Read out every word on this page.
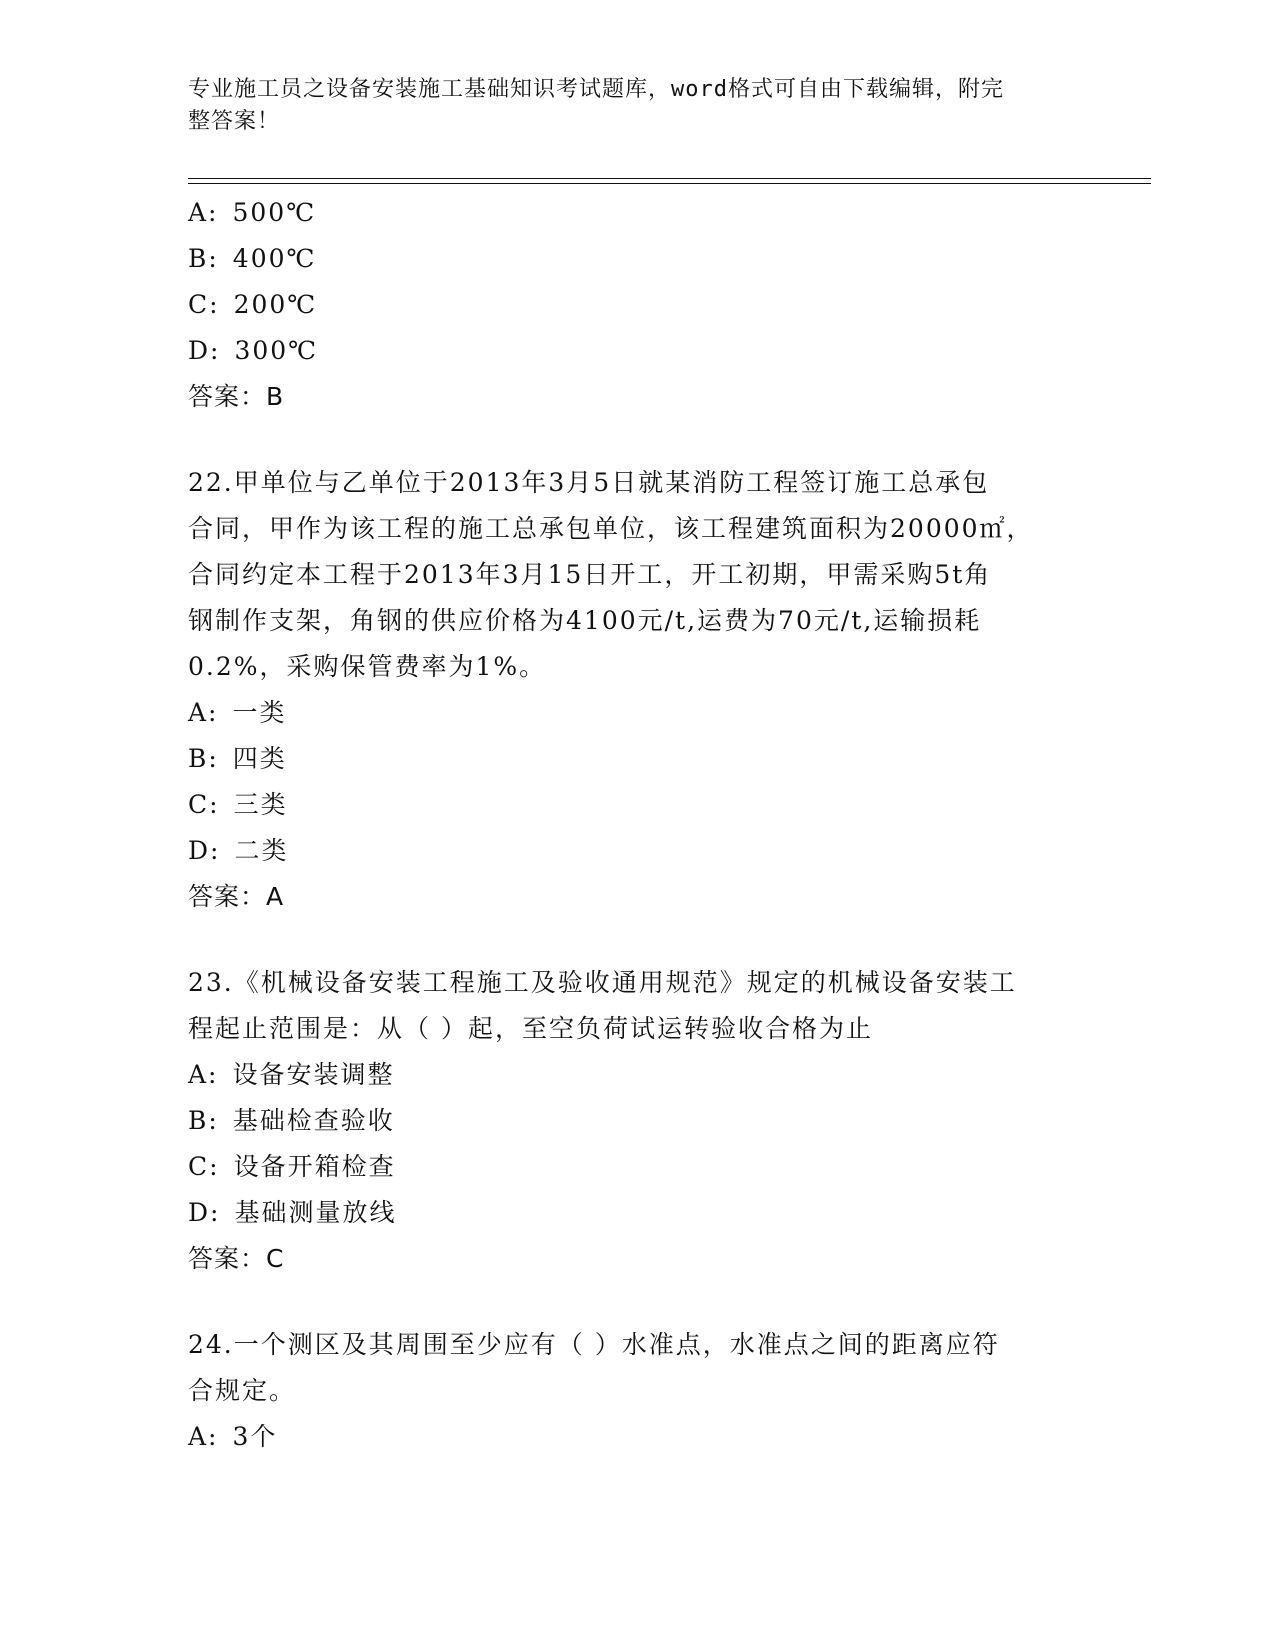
专业施工员之设备安装施工基础知识考试题库，word格式可自由下载编辑，附完
整答案！
A: 500℃
B: 400℃
C: 200℃
D: 300℃
答案：B
22.甲单位与乙单位于2013年3月5日就某消防工程签订施工总承包
合同，甲作为该工程的施工总承包单位，该工程建筑面积为20000㎡，
合同约定本工程于2013年3月15日开工，开工初期，甲需采购5t角
钢制作支架，角钢的供应价格为4100元/t,运费为70元/t,运输损耗
0.2%，采购保管费率为1%。
A: 一类
B: 四类
C: 三类
D: 二类
答案：A
23.《机械设备安装工程施工及验收通用规范》规定的机械设备安装工
程起止范围是：从（ ）起，至空负荷试运转验收合格为止
A: 设备安装调整
B: 基础检查验收
C: 设备开箱检查
D: 基础测量放线
答案：C
24.一个测区及其周围至少应有（ ）水准点，水准点之间的距离应符
合规定。
A: 3个
